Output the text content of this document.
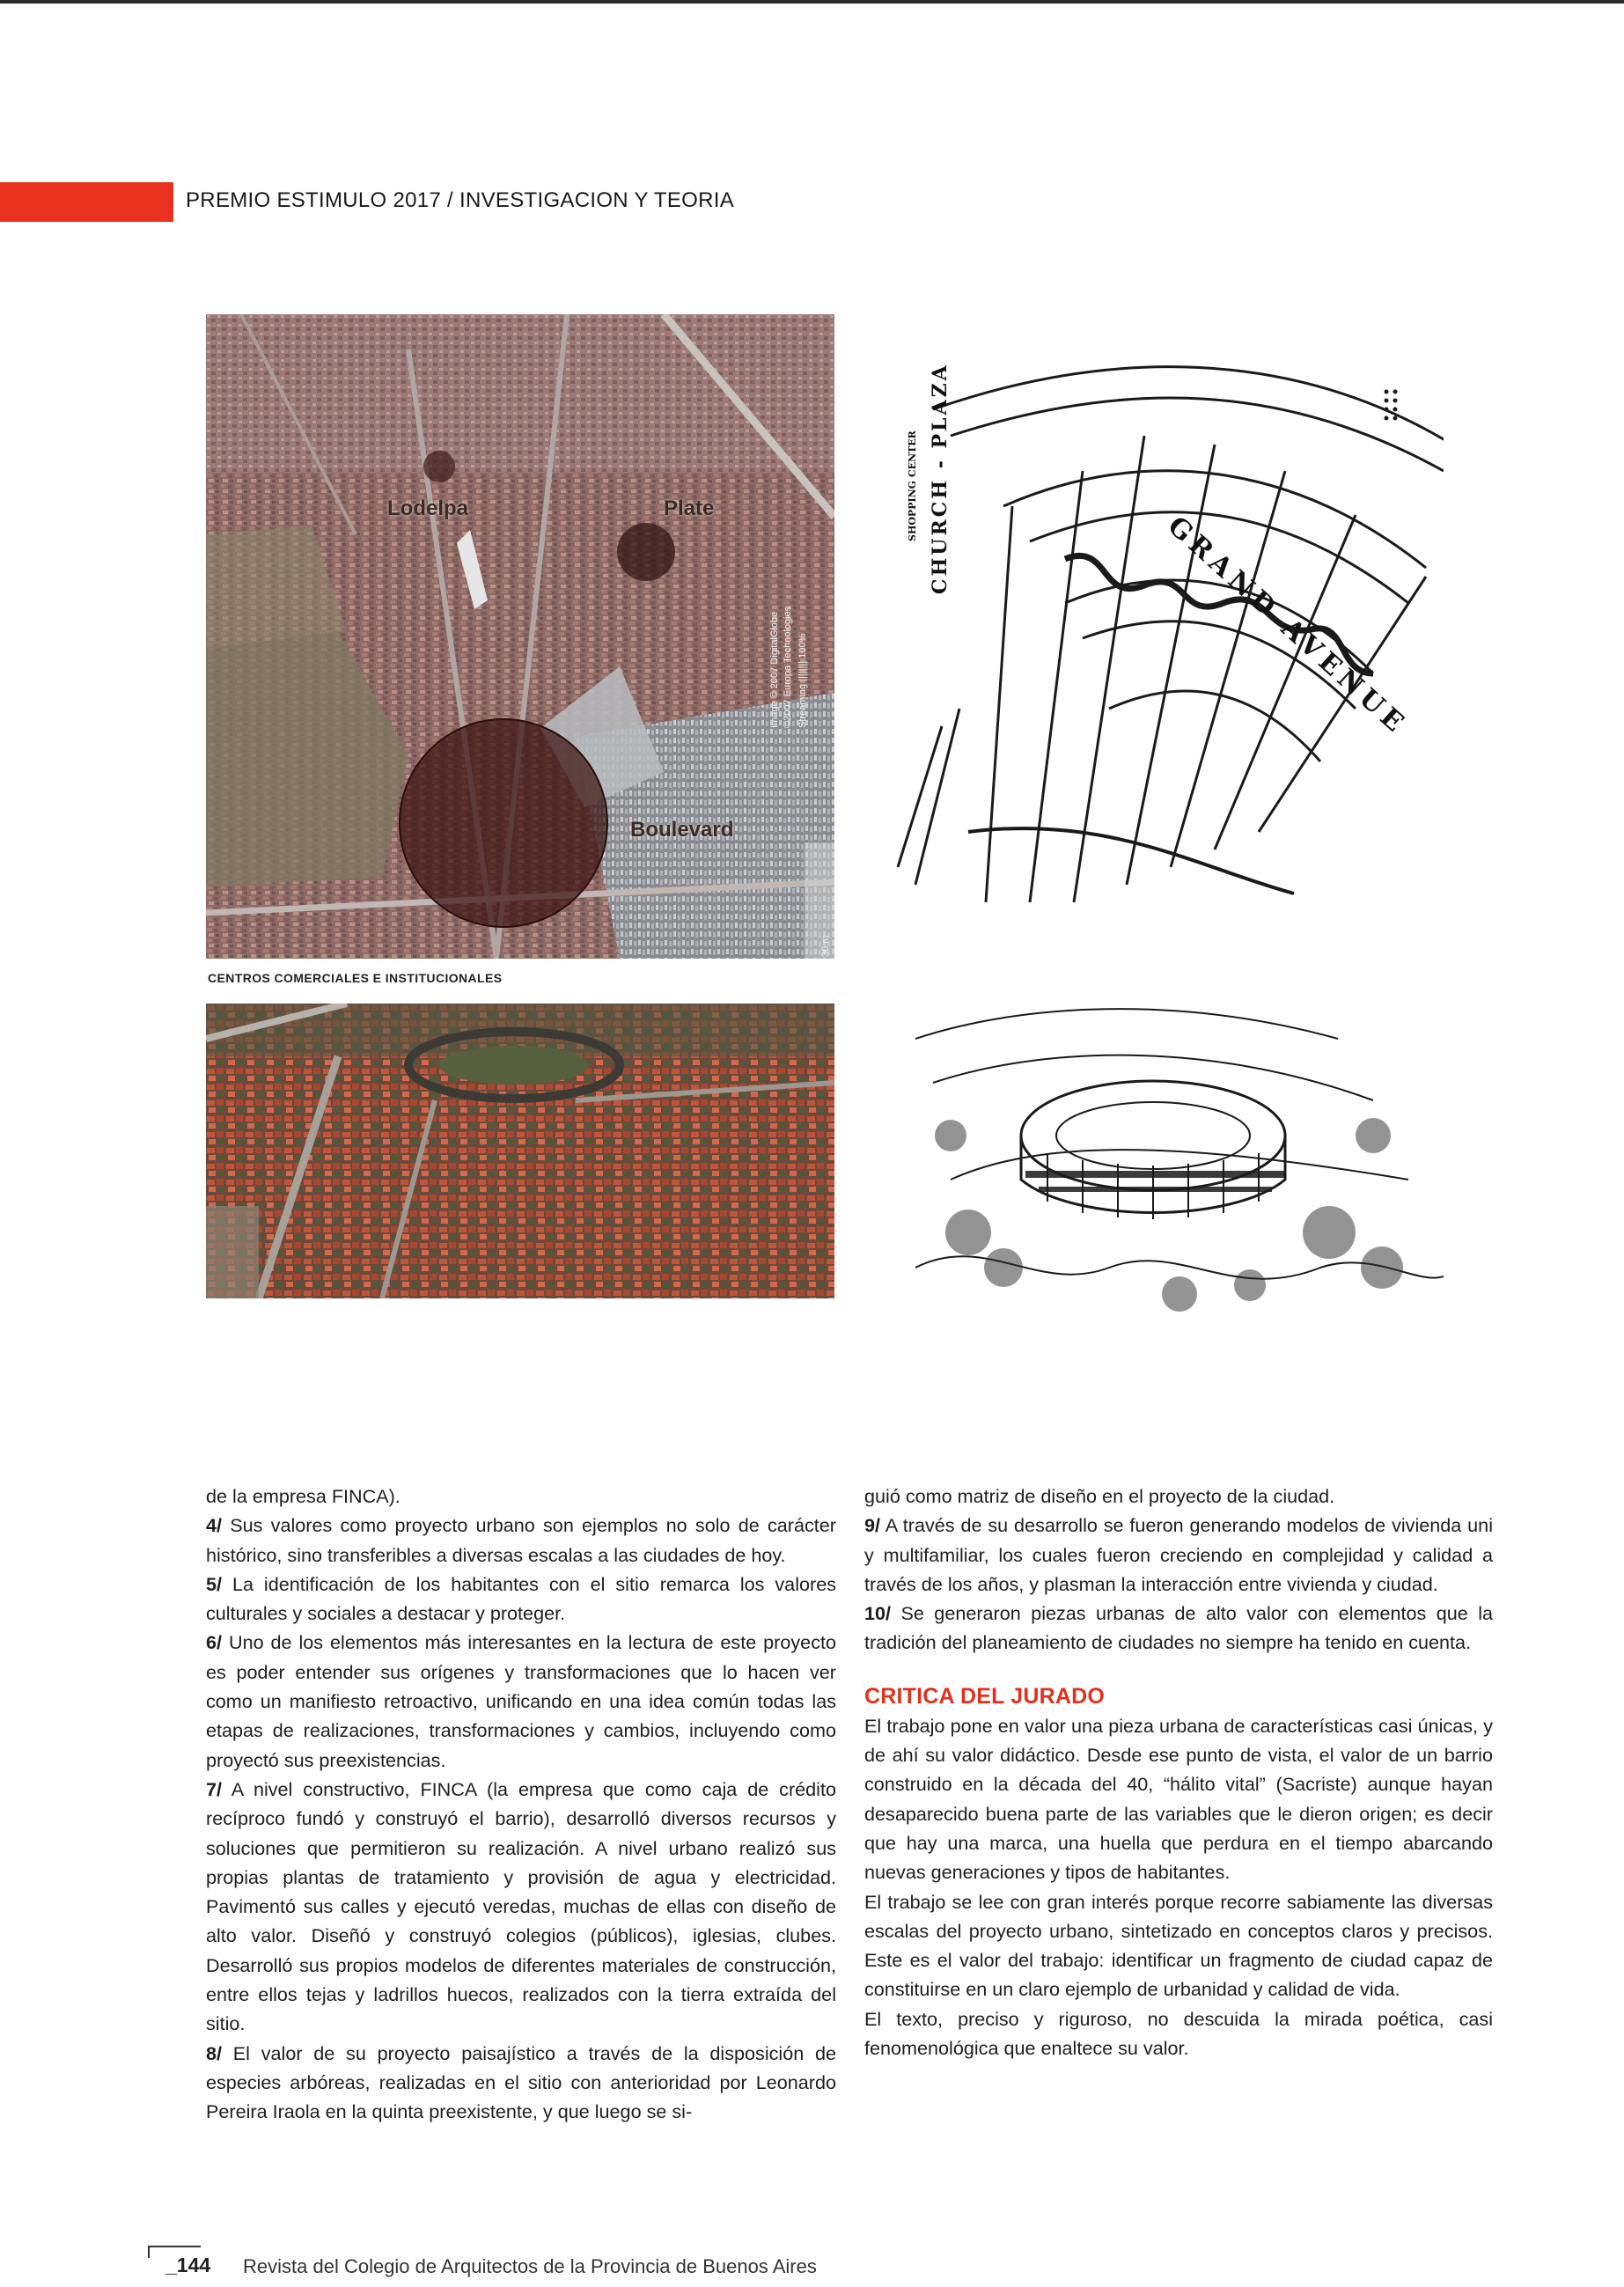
PREMIO ESTIMULO 2017 / INVESTIGACION Y TEORIA
Lodelpa	Plate
Boulevard
Image © 2007 DigitalGlobe ©2007 Europa Technologies Streaming |||||||| 100%
30 m
CENTROS COMERCIALES E INSTITUCIONALES
GRAND AVENUE
CHURCH - PLAZA
SHOPPING CENTER

de la empresa FINCA).

4/ Sus valores como proyecto urbano son ejemplos no solo de carácter histórico, sino transferibles a diversas escalas a las ciudades de hoy.

5/ La identificación de los habitantes con el sitio remarca los valores culturales y sociales a destacar y proteger.

6/ Uno de los elementos más interesantes en la lectura de este proyecto es poder entender sus orígenes y transformaciones que lo hacen ver como un manifiesto retroactivo, unificando en una idea común todas las etapas de realizaciones, transformaciones y cambios, incluyendo como proyectó sus preexistencias.

7/ A nivel constructivo, FINCA (la empresa que como caja de crédito recíproco fundó y construyó el barrio), desarrolló diversos recursos y soluciones que permitieron su realización. A nivel urbano realizó sus propias plantas de tratamiento y provisión de agua y electricidad. Pavimentó sus calles y ejecutó veredas, muchas de ellas con diseño de alto valor. Diseñó y construyó colegios (públicos), iglesias, clubes. Desarrolló sus propios modelos de diferentes materiales de construcción, entre ellos tejas y ladrillos huecos, realizados con la tierra extraída del sitio.

8/ El valor de su proyecto paisajístico a través de la disposición de especies arbóreas, realizadas en el sitio con anterioridad por Leonardo Pereira Iraola en la quinta preexistente, y que luego se si-

guió como matriz de diseño en el proyecto de la ciudad.

9/ A través de su desarrollo se fueron generando modelos de vivienda uni y multifamiliar, los cuales fueron creciendo en complejidad y calidad a través de los años, y plasman la interacción entre vivienda y ciudad.

10/ Se generaron piezas urbanas de alto valor con elementos que la tradición del planeamiento de ciudades no siempre ha tenido en cuenta.

CRITICA DEL JURADO

El trabajo pone en valor una pieza urbana de características casi únicas, y de ahí su valor didáctico. Desde ese punto de vista, el valor de un barrio construido en la década del 40, “hálito vital” (Sacriste) aunque hayan desaparecido buena parte de las variables que le dieron origen; es decir que hay una marca, una huella que perdura en el tiempo abarcando nuevas generaciones y tipos de habitantes.

El trabajo se lee con gran interés porque recorre sabiamente las diversas escalas del proyecto urbano, sintetizado en conceptos claros y precisos. Este es el valor del trabajo: identificar un fragmento de ciudad capaz de constituirse en un claro ejemplo de urbanidad y calidad de vida.

El texto, preciso y riguroso, no descuida la mirada poética, casi fenomenológica que enaltece su valor.

_144 Revista del Colegio de Arquitectos de la Provincia de Buenos Aires
